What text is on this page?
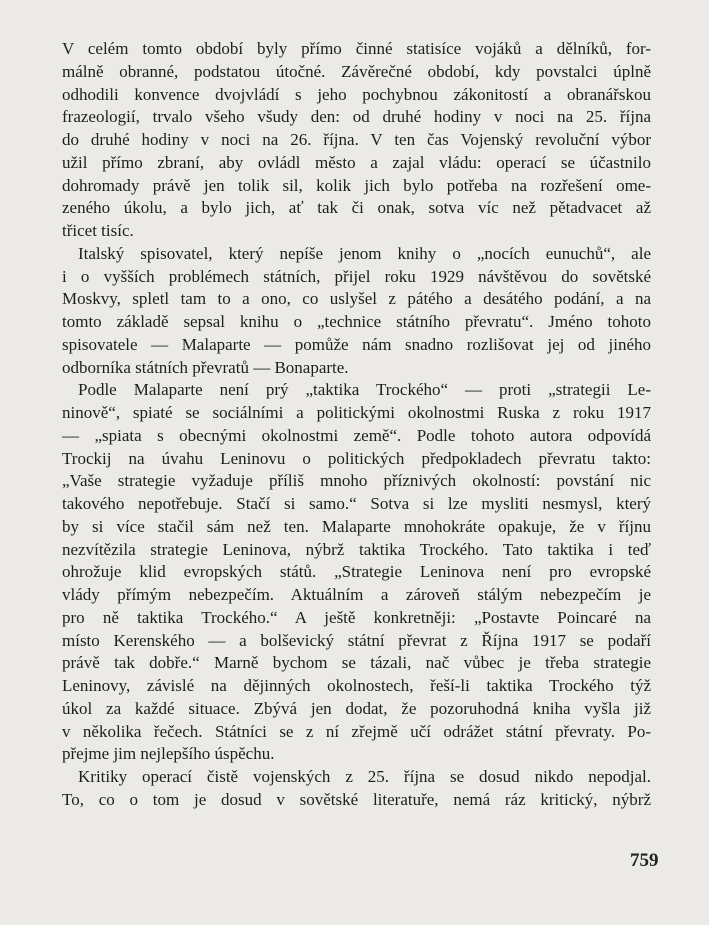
V celém tomto období byly přímo činné statisíce vojáků a dělníků, for-
málně obranné, podstatou útočné. Závěrečné období, kdy povstalci úplně
odhodili konvence dvojvládí s jeho pochybnou zákonitostí a obranářskou
frazeologií, trvalo všeho všudy den: od druhé hodiny v noci na 25. října
do druhé hodiny v noci na 26. října. V ten čas Vojenský revoluční výbor
užil přímo zbraní, aby ovládl město a zajal vládu: operací se účastnilo
dohromady právě jen tolik sil, kolik jich bylo potřeba na rozřešení ome-
zeného úkolu, a bylo jich, ať tak či onak, sotva víc než pětadvacet až
třicet tisíc.
Italský spisovatel, který nepíše jenom knihy o „nocích eunuchů“, ale
i o vyšších problémech státních, přijel roku 1929 návštěvou do sovětské
Moskvy, spletl tam to a ono, co uslyšel z pátého a desátého podání, a na
tomto základě sepsal knihu o „technice státního převratu“. Jméno tohoto
spisovatele — Malaparte — pomůže nám snadno rozlišovat jej od jiného
odborníka státních převratů — Bonaparte.
Podle Malaparte není prý „taktika Trockého“ — proti „strategii Le-
ninově“, spiaté se sociálními a politickými okolnostmi Ruska z roku 1917
— „spiata s obecnými okolnostmi země“. Podle tohoto autora odpovídá
Trockij na úvahu Leninovu o politických předpokladech převratu takto:
„Vaše strategie vyžaduje příliš mnoho příznivých okolností: povstání nic
takového nepotřebuje. Stačí si samo.“ Sotva si lze mysliti nesmysl, který
by si více stačil sám než ten. Malaparte mnohokráte opakuje, že v říjnu
nezvítězila strategie Leninova, nýbrž taktika Trockého. Tato taktika i teď
ohrožuje klid evropských států. „Strategie Leninova není pro evropské
vlády přímým nebezpečím. Aktuálním a zároveň stálým nebezpečím je
pro ně taktika Trockého.“ A ještě konkretněji: „Postavte Poincaré na
místo Kerenského — a bolševický státní převrat z Října 1917 se podaří
právě tak dobře.“ Marně bychom se tázali, nač vůbec je třeba strategie
Leninovy, závislé na dějinných okolnostech, řeší-li taktika Trockého týž
úkol za každé situace. Zbývá jen dodat, že pozoruhodná kniha vyšla již
v několika řečech. Státníci se z ní zřejmě učí odrážet státní převraty. Po-
přejme jim nejlepšího úspěchu.
Kritiky operací čistě vojenských z 25. října se dosud nikdo nepodjal.
To, co o tom je dosud v sovětské literatuře, nemá ráz kritický, nýbrž
759
